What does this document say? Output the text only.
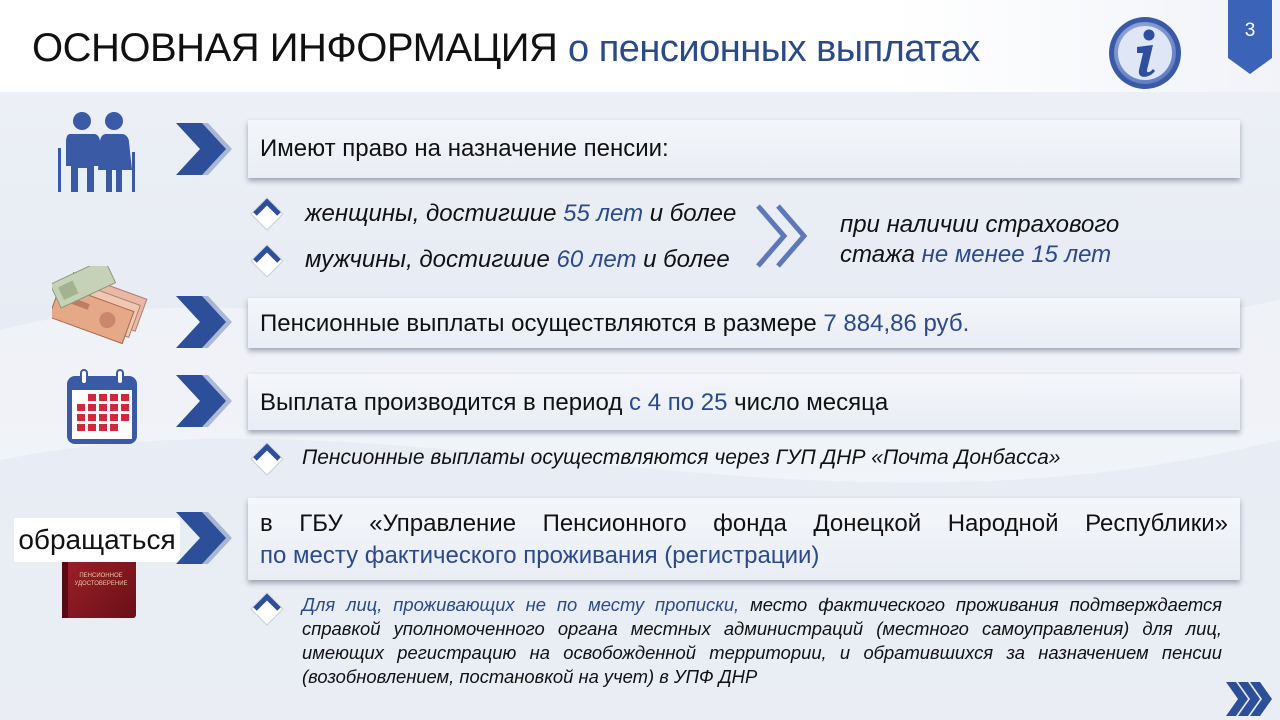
ОСНОВНАЯ ИНФОРМАЦИЯ о пенсионных выплатах	3
Имеют право на назначение пенсии:
женщины, достигшие 55 лет и более
мужчины, достигшие 60 лет и более
при наличии страхового
стажа не менее 15 лет
Пенсионные выплаты осуществляются в размере 7 884,86 руб.
Выплата производится в период с 4 по 25 число месяца
Пенсионные выплаты осуществляются через ГУП ДНР «Почта Донбасса»
ПЕНСИОННОЕ УДОСТОВЕРЕНИЕ
обращаться
в ГБУ «Управление Пенсионного фонда Донецкой Народной Республики»
по месту фактического проживания (регистрации)
Для лиц, проживающих не по месту прописки, место фактического проживания подтверждается справкой уполномоченного органа местных администраций (местного самоуправления) для лиц, имеющих регистрацию на освобожденной территории, и обратившихся за назначением пенсии (возобновлением, постановкой на учет) в УПФ ДНР
